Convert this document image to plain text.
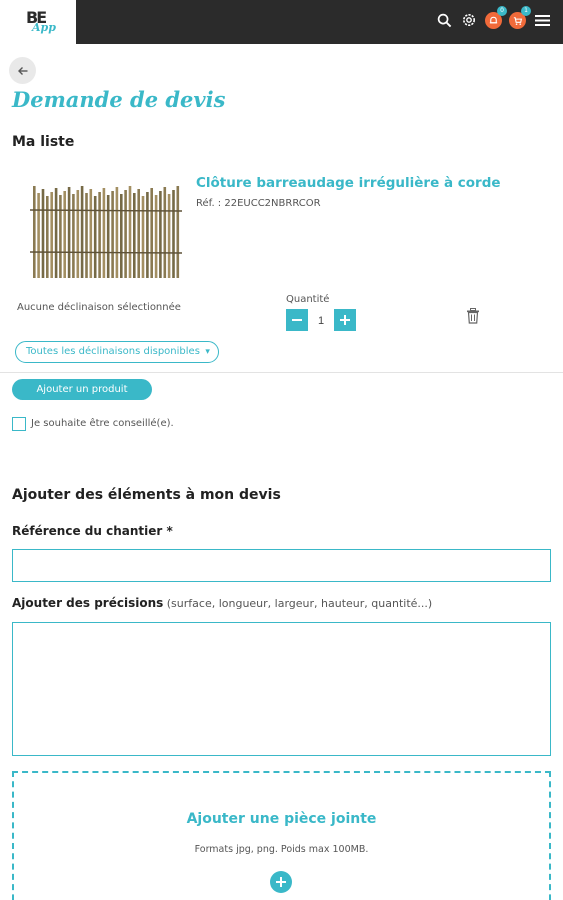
BE
App
0	1
Demande de devis
Ma liste
Clôture barreaudage irrégulière à corde
Réf. : 22EUCC2NBRRCOR
Aucune déclinaison sélectionnée
Quantité
1
Toutes les déclinaisons disponibles ▾
Ajouter un produit
Je souhaite être conseillé(e).
Ajouter des éléments à mon devis
Référence du chantier *
Ajouter des précisions (surface, longueur, largeur, hauteur, quantité...)
Ajouter une pièce jointe
Formats jpg, png. Poids max 100MB.
